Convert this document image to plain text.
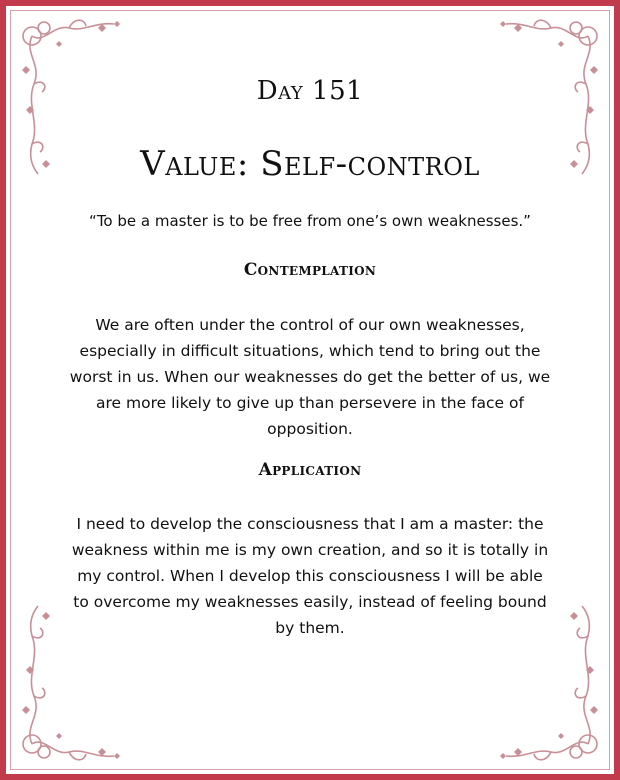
Day 151
Value: Self-control
“To be a master is to be free from one’s own weaknesses.”
Contemplation
We are often under the control of our own weaknesses, especially in difficult situations, which tend to bring out the worst in us. When our weaknesses do get the better of us, we are more likely to give up than persevere in the face of opposition.
Application
I need to develop the consciousness that I am a master: the weakness within me is my own creation, and so it is totally in my control. When I develop this consciousness I will be able to overcome my weaknesses easily, instead of feeling bound by them.
